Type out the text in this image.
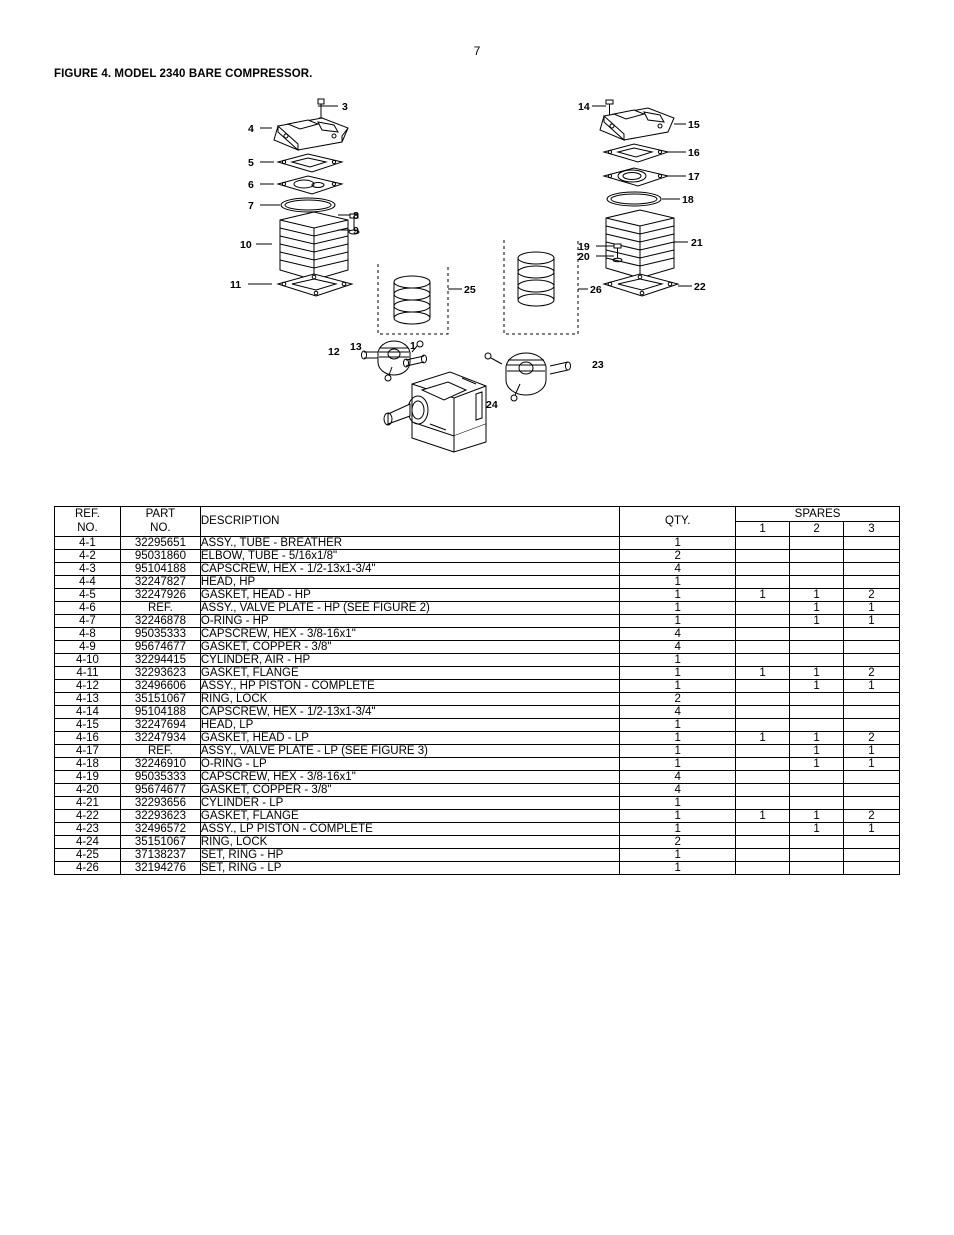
7
FIGURE 4. MODEL 2340 BARE COMPRESSOR.
3
4
5
6
7
8
9
10
11
12 13
14
15
16
17
18
19
20
21
22
25	26
1
23
24
REF.
NO.

PART
NO.
	DESCRIPTION	QTY.	SPARES
				1	2	3
4-1	32295651	ASSY., TUBE - BREATHER	1			
4-2	95031860	ELBOW, TUBE - 5/16x1/8"	2			
4-3	95104188	CAPSCREW, HEX - 1/2-13x1-3/4"	4			
4-4	32247827	HEAD, HP	1			
4-5	32247926	GASKET, HEAD - HP	1	1	1	2
4-6	REF.	ASSY., VALVE PLATE - HP (SEE FIGURE 2)	1		1	1
4-7	32246878	O-RING - HP	1		1	1
4-8	95035333	CAPSCREW, HEX - 3/8-16x1"	4			
4-9	95674677	GASKET, COPPER - 3/8"	4			
4-10	32294415	CYLINDER, AIR - HP	1			
4-11	32293623	GASKET, FLANGE	1	1	1	2
4-12	32496606	ASSY., HP PISTON - COMPLETE	1		1	1
4-13	35151067	RING, LOCK	2			
4-14	95104188	CAPSCREW, HEX - 1/2-13x1-3/4"	4			
4-15	32247694	HEAD, LP	1			
4-16	32247934	GASKET, HEAD - LP	1	1	1	2
4-17	REF.	ASSY., VALVE PLATE - LP (SEE FIGURE 3)	1		1	1
4-18	32246910	O-RING - LP	1		1	1
4-19	95035333	CAPSCREW, HEX - 3/8-16x1"	4			
4-20	95674677	GASKET, COPPER - 3/8"	4			
4-21	32293656	CYLINDER - LP	1			
4-22	32293623	GASKET, FLANGE	1	1	1	2
4-23	32496572	ASSY., LP PISTON - COMPLETE	1		1	1
4-24	35151067	RING, LOCK	2			
4-25	37138237	SET, RING - HP	1			
4-26	32194276	SET, RING - LP	1			
